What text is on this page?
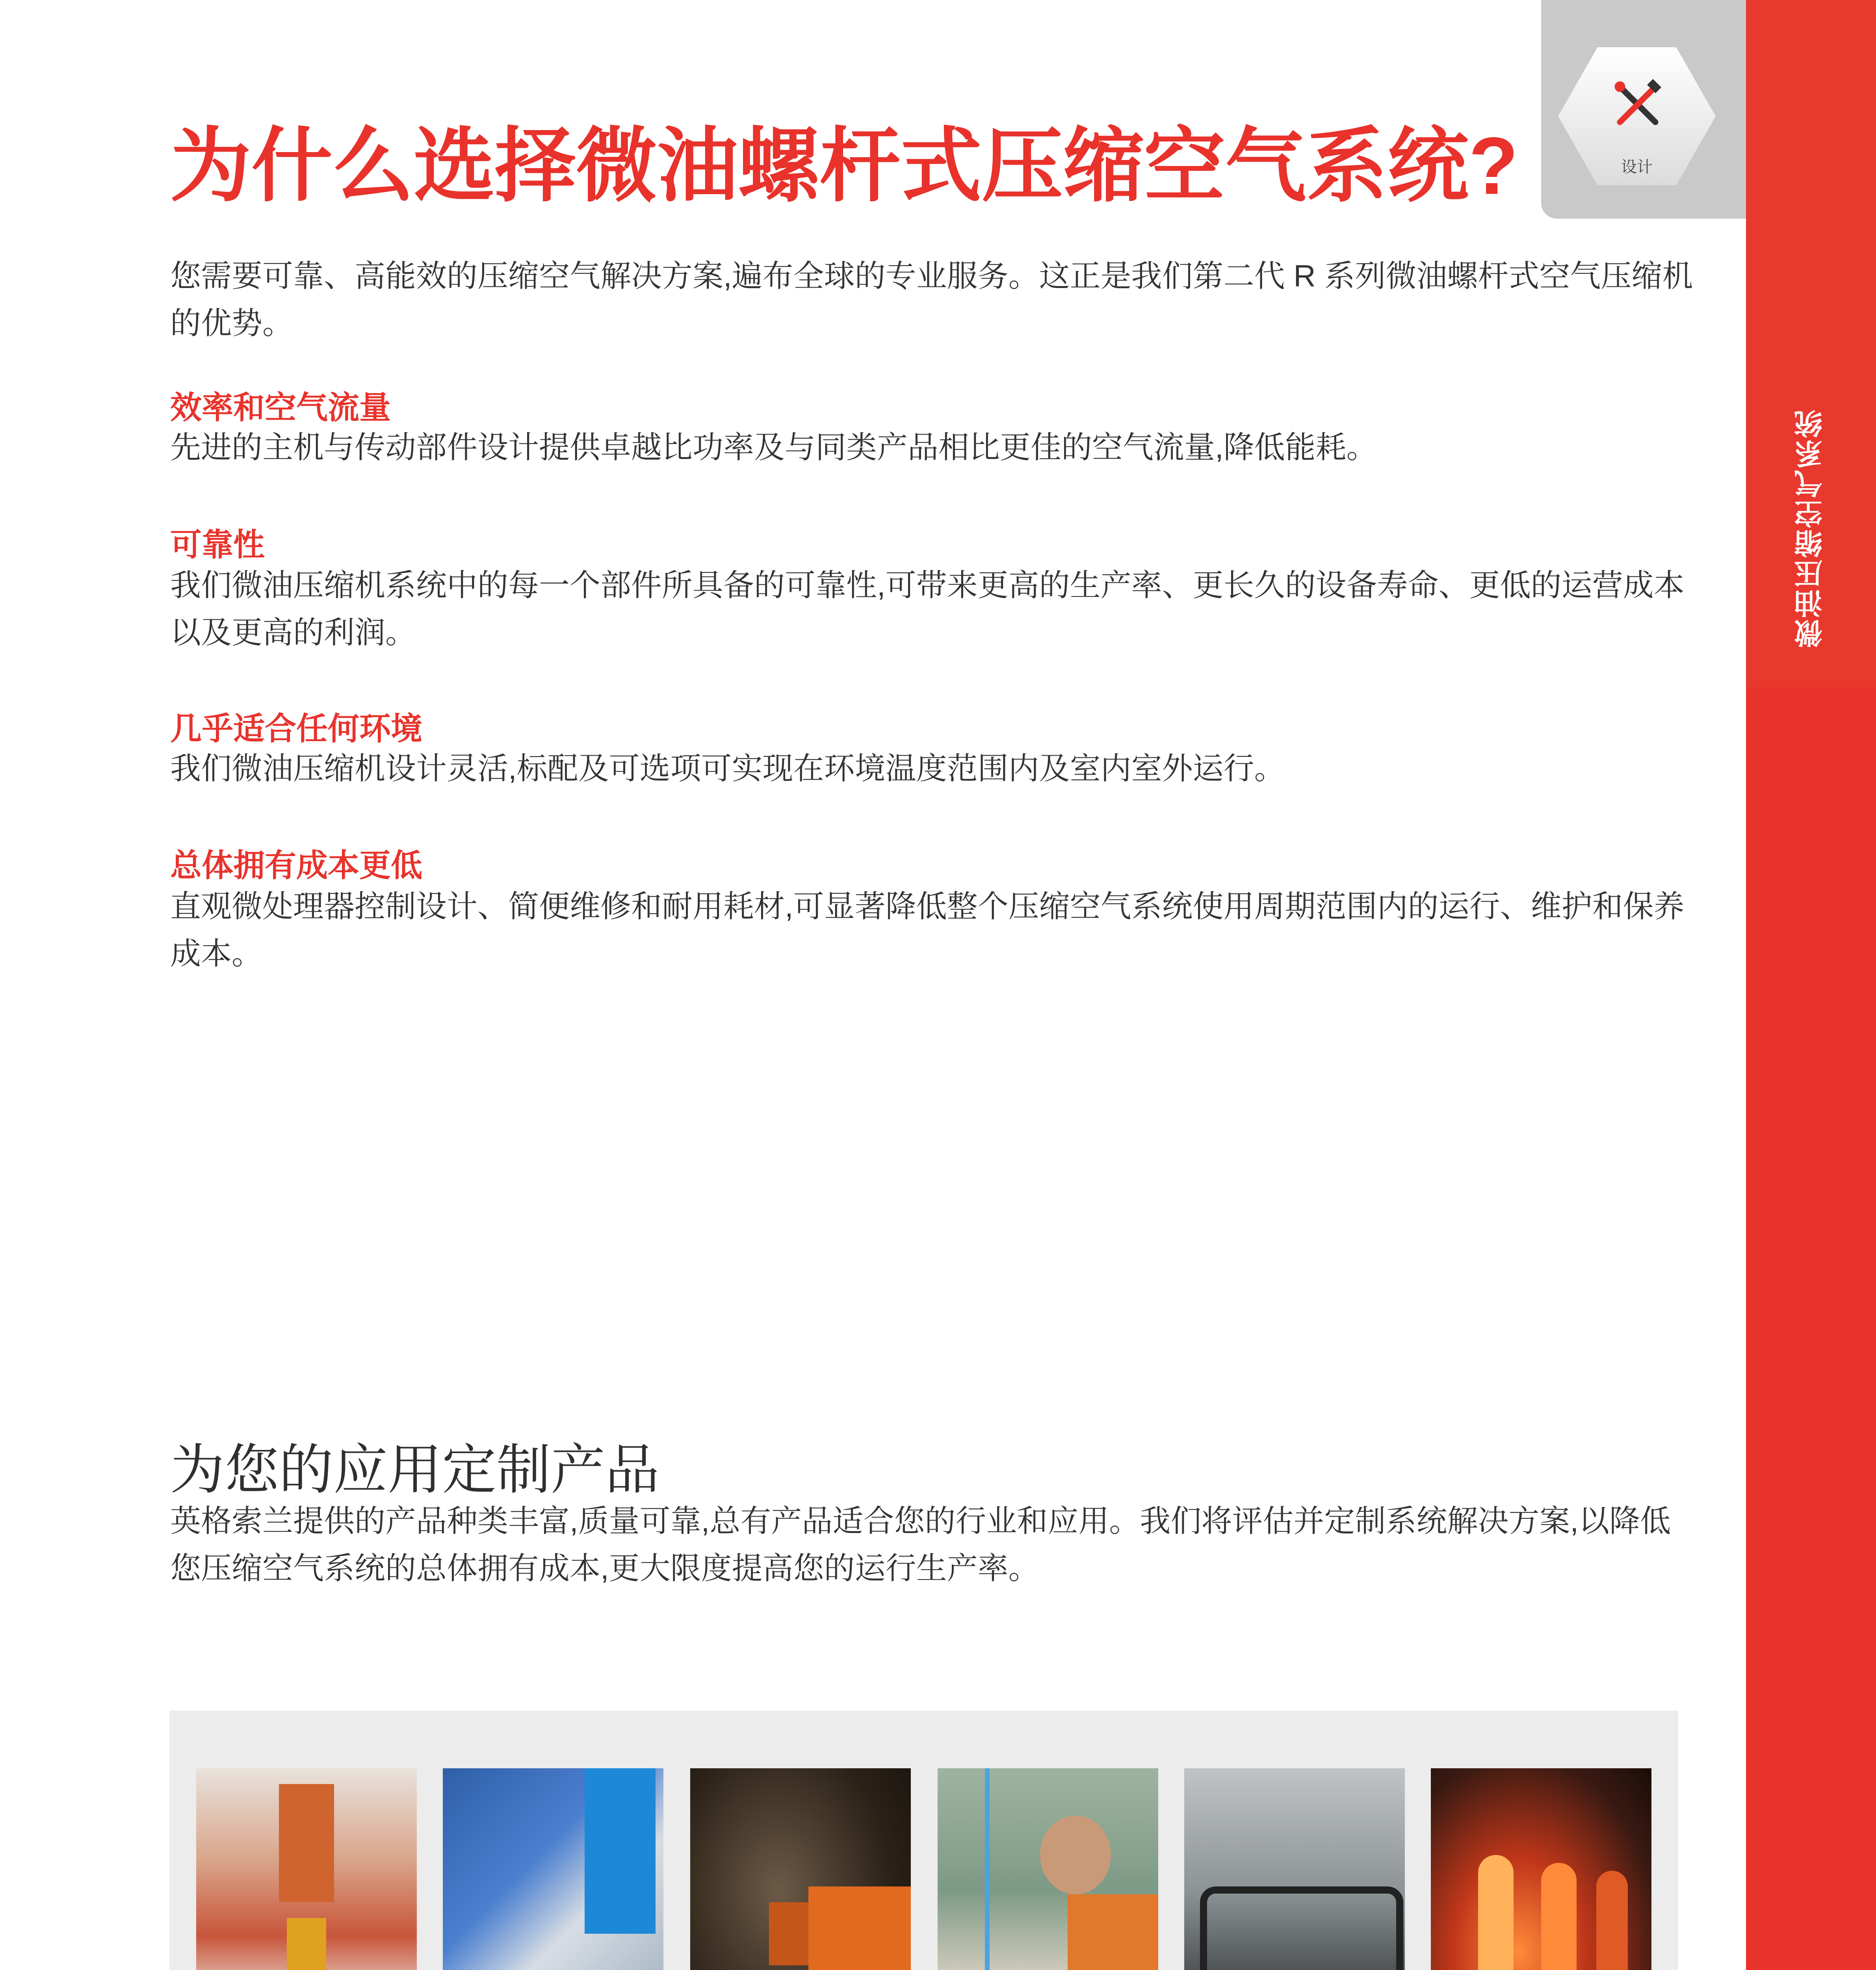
微油压缩空气系统
设计
为什么选择微油螺杆式压缩空气系统?
您需要可靠、高能效的压缩空气解决方案,遍布全球的专业服务。这正是我们第二代 R 系列微油螺杆式空气压缩机的优势。
效率和空气流量
先进的主机与传动部件设计提供卓越比功率及与同类产品相比更佳的空气流量,降低能耗。
可靠性
我们微油压缩机系统中的每一个部件所具备的可靠性,可带来更高的生产率、更长久的设备寿命、更低的运营成本以及更高的利润。
几乎适合任何环境
我们微油压缩机设计灵活,标配及可选项可实现在环境温度范围内及室内室外运行。
总体拥有成本更低
直观微处理器控制设计、简便维修和耐用耗材,可显著降低整个压缩空气系统使用周期范围内的运行、维护和保养成本。
为您的应用定制产品
英格索兰提供的产品种类丰富,质量可靠,总有产品适合您的行业和应用。我们将评估并定制系统解决方案,以降低您压缩空气系统的总体拥有成本,更大限度提高您的运行生产率。
